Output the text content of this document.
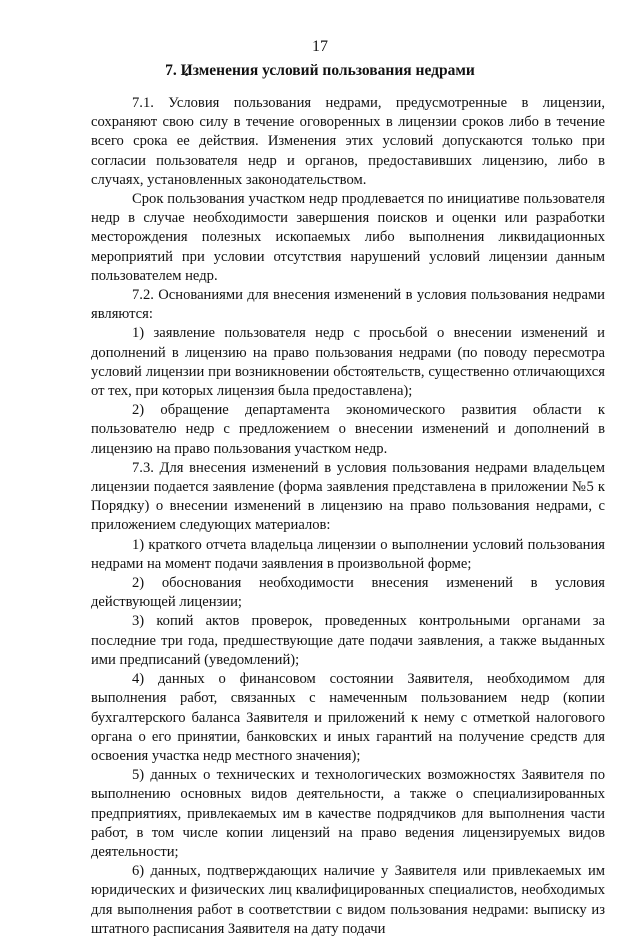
17
7. Изменения условий пользования недрами

7.1. Условия пользования недрами, предусмотренные в лицензии, сохраняют свою силу в течение оговоренных в лицензии сроков либо в течение всего срока ее действия. Изменения этих условий допускаются только при согласии пользователя недр и органов, предоставивших лицензию, либо в случаях, установленных законодательством.

Срок пользования участком недр продлевается по инициативе пользователя недр в случае необходимости завершения поисков и оценки или разработки месторождения полезных ископаемых либо выполнения ликвидационных мероприятий при условии отсутствия нарушений условий лицензии данным пользователем недр.

7.2. Основаниями для внесения изменений в условия пользования недрами являются:

1) заявление пользователя недр с просьбой о внесении изменений и дополнений в лицензию на право пользования недрами (по поводу пересмотра условий лицензии при возникновении обстоятельств, существенно отличающихся от тех, при которых лицензия была предоставлена);

2) обращение департамента экономического развития области к пользователю недр с предложением о внесении изменений и дополнений в лицензию на право пользования участком недр.

7.3. Для внесения изменений в условия пользования недрами владельцем лицензии подается заявление (форма заявления представлена в приложении №5 к Порядку) о внесении изменений в лицензию на право пользования недрами, с приложением следующих материалов:

1) краткого отчета владельца лицензии о выполнении условий пользования недрами на момент подачи заявления в произвольной форме;

2) обоснования необходимости внесения изменений в условия действующей лицензии;

3) копий актов проверок, проведенных контрольными органами за последние три года, предшествующие дате подачи заявления, а также выданных ими предписаний (уведомлений);

4) данных о финансовом состоянии Заявителя, необходимом для выполнения работ, связанных с намеченным пользованием недр (копии бухгалтерского баланса Заявителя и приложений к нему с отметкой налогового органа о его принятии, банковских и иных гарантий на получение средств для освоения участка недр местного значения);

5) данных о технических и технологических возможностях Заявителя по выполнению основных видов деятельности, а также о специализированных предприятиях, привлекаемых им в качестве подрядчиков для выполнения части работ, в том числе копии лицензий на право ведения лицензируемых видов деятельности;

6) данных, подтверждающих наличие у Заявителя или привлекаемых им юридических и физических лиц квалифицированных специалистов, необходимых для выполнения работ в соответствии с видом пользования недрами: выписку из штатного расписания Заявителя на дату подачи
